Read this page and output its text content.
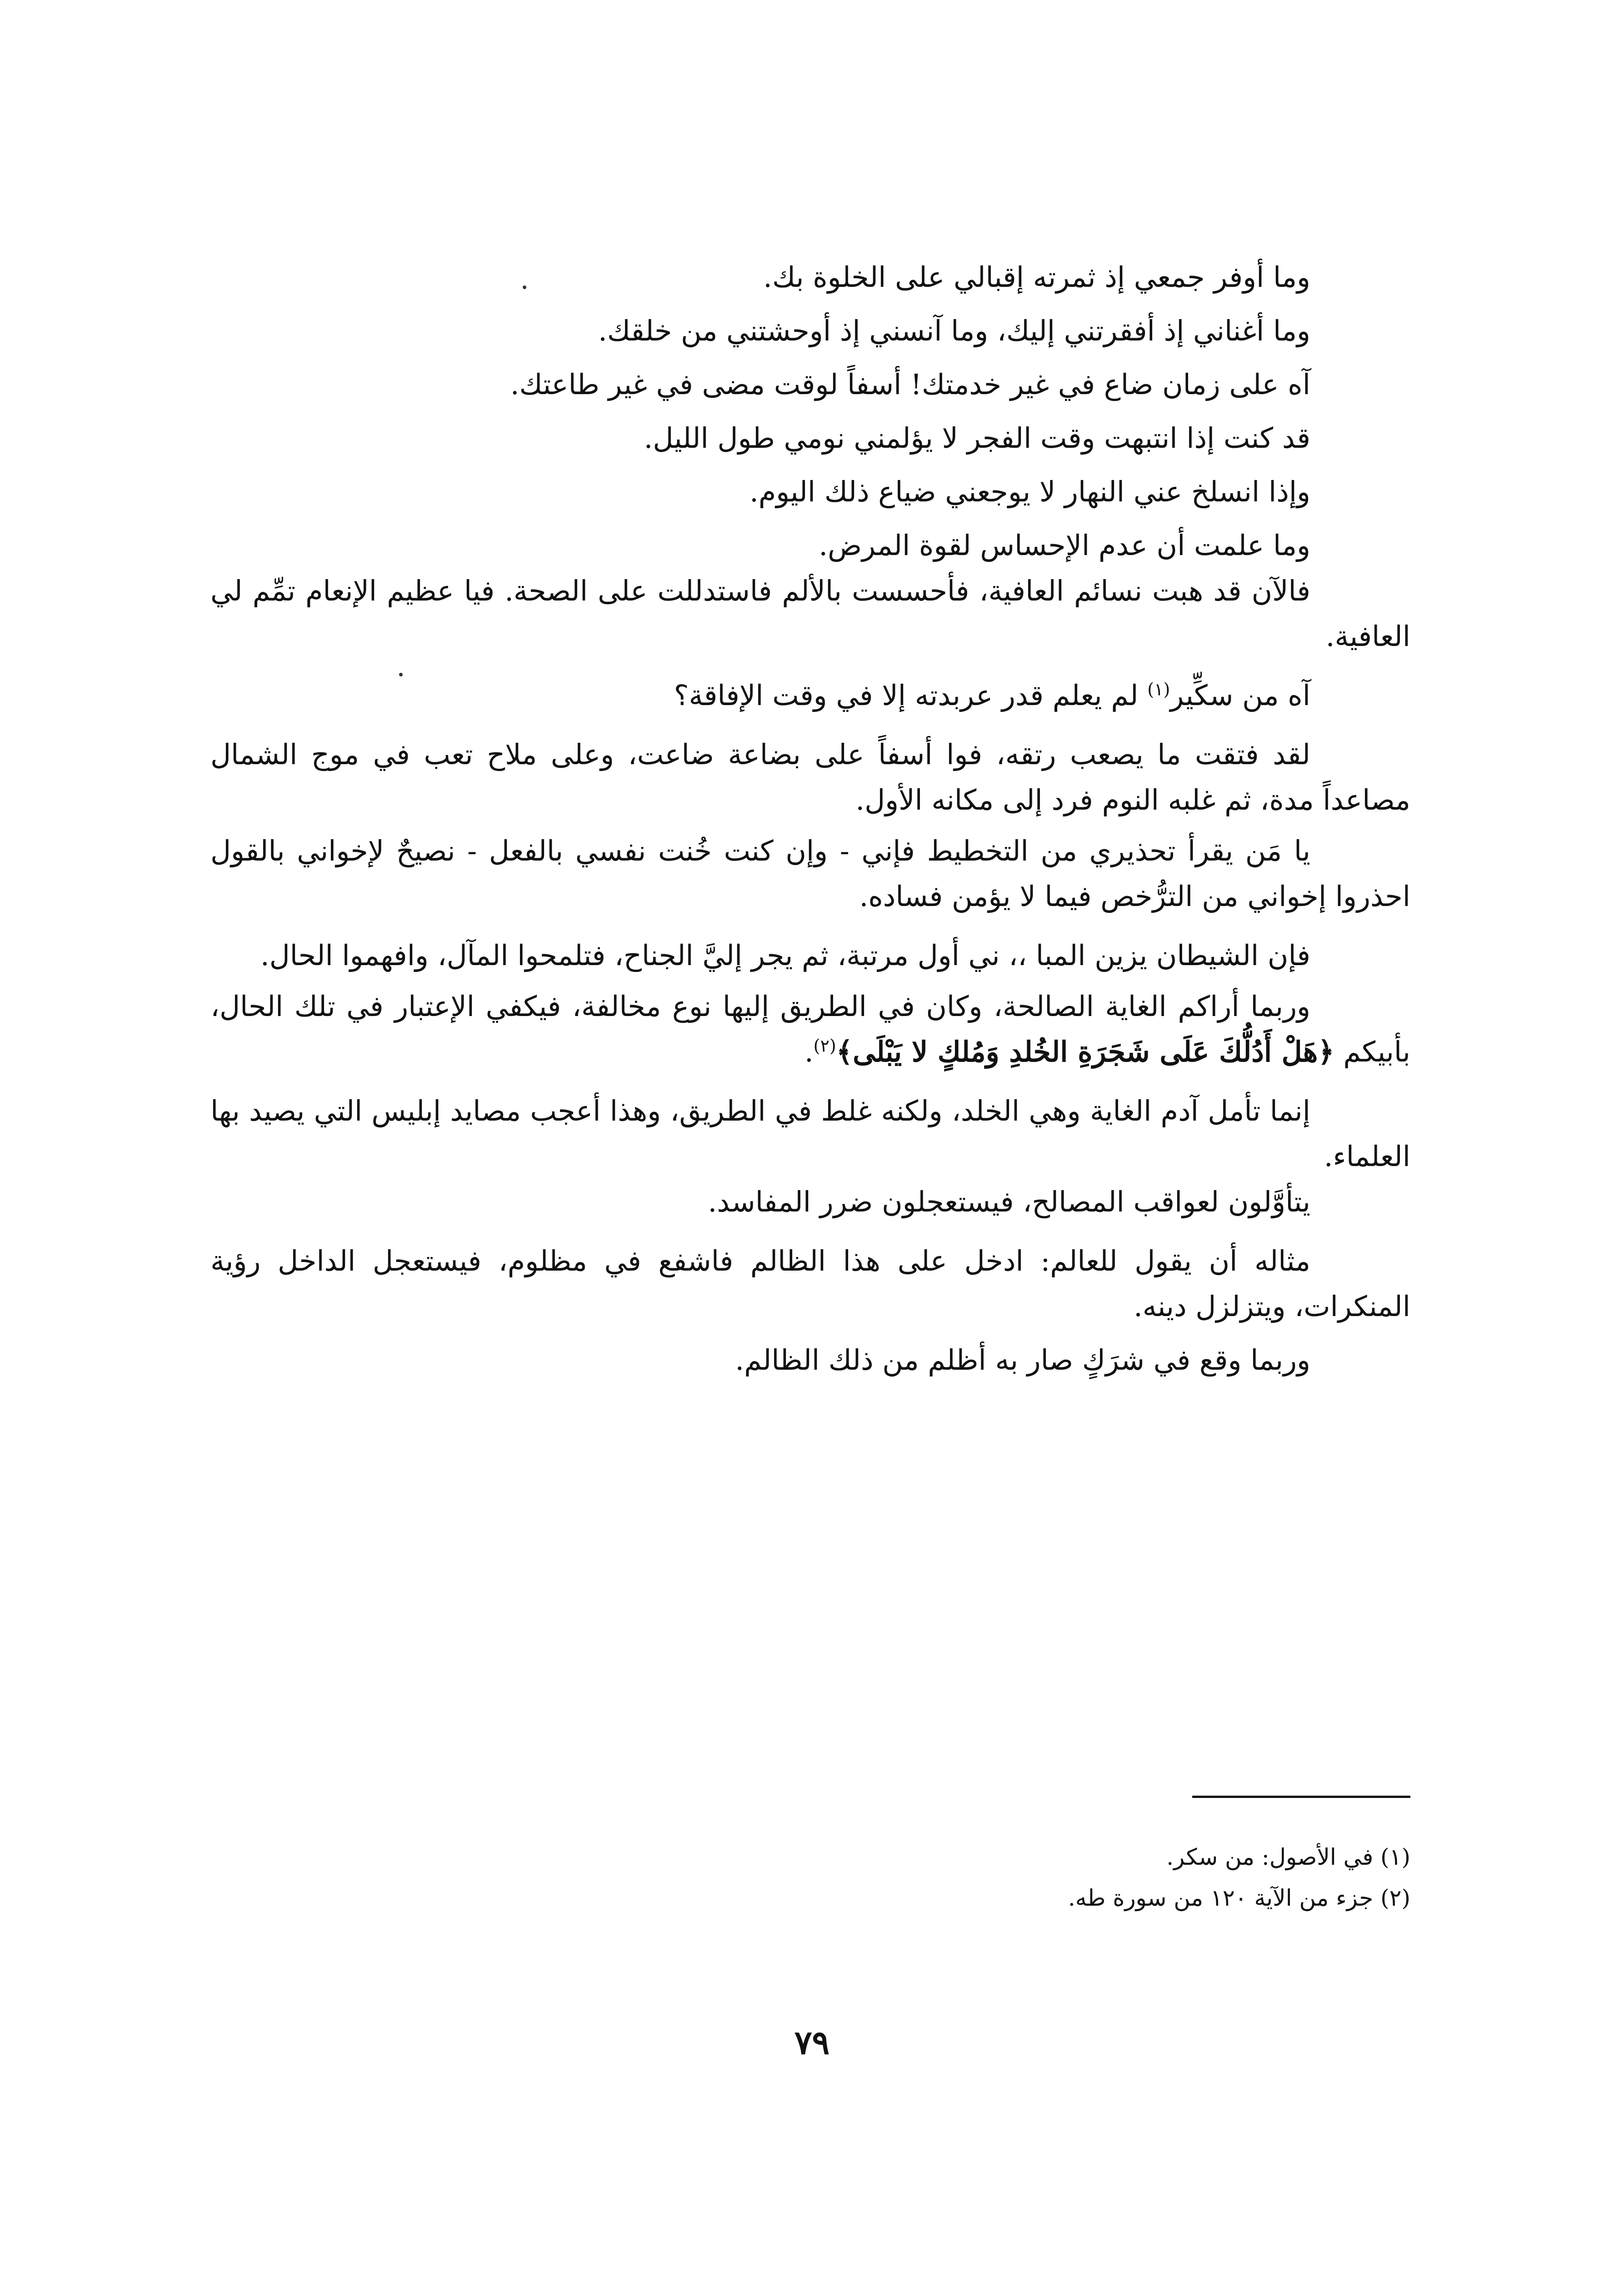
وما أوفر جمعي إذ ثمرته إقبالي على الخلوة بك.

وما أغناني إذ أفقرتني إليك، وما آنسني إذ أوحشتني من خلقك.

آه على زمان ضاع في غير خدمتك! أسفاً لوقت مضى في غير طاعتك.

قد كنت إذا انتبهت وقت الفجر لا يؤلمني نومي طول الليل.

وإذا انسلخ عني النهار لا يوجعني ضياع ذلك اليوم.

وما علمت أن عدم الإحساس لقوة المرض.

فالآن قد هبت نسائم العافية، فأحسست بالألم فاستدللت على الصحة. فيا عظيم الإنعام تمِّم لي العافية.

آه من سكِّير$^{(١)}$ لم يعلم قدر عربدته إلا في وقت الإفاقة؟

لقد فتقت ما يصعب رتقه، فوا أسفاً على بضاعة ضاعت، وعلى ملاح تعب في موج الشمال مصاعداً مدة، ثم غلبه النوم فرد إلى مكانه الأول.

يا مَن يقرأ تحذيري من التخطيط فإني - وإن كنت خُنت نفسي بالفعل - نصيحٌ لإخواني بالقول احذروا إخواني من الترُّخص فيما لا يؤمن فساده.

فإن الشيطان يزين المبا ،، ني أول مرتبة، ثم يجر إليَّ الجناح، فتلمحوا المآل، وافهموا الحال.

وربما أراكم الغاية الصالحة، وكان في الطريق إليها نوع مخالفة، فيكفي الإعتبار في تلك الحال، بأبيكم ﴿هَلْ أَدُلُّكَ عَلَى شَجَرَةِ الخُلدِ وَمُلكٍ لا يَبْلَى﴾$^{(٢)}$.

إنما تأمل آدم الغاية وهي الخلد، ولكنه غلط في الطريق، وهذا أعجب مصايد إبليس التي يصيد بها العلماء.

يتأوَّلون لعواقب المصالح، فيستعجلون ضرر المفاسد.

مثاله أن يقول للعالم: ادخل على هذا الظالم فاشفع في مظلوم، فيستعجل الداخل رؤية المنكرات، ويتزلزل دينه.

وربما وقع في شرَكٍ صار به أظلم من ذلك الظالم.

(١) في الأصول: من سكر.

(٢) جزء من الآية ١٢٠ من سورة طه.

٧٩
